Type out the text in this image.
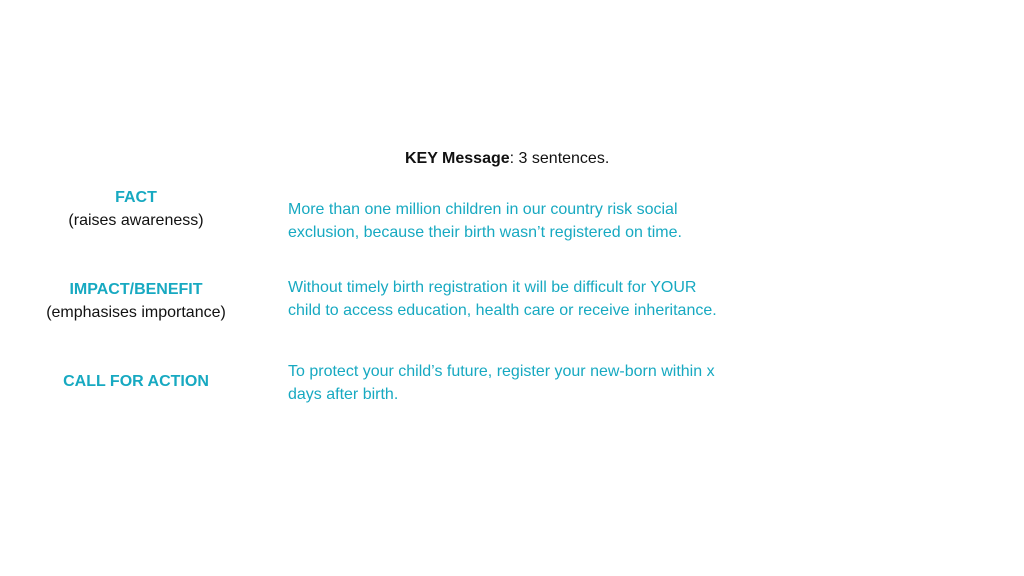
KEY Message: 3 sentences.
FACT
(raises awareness)
More than one million children in our country risk social
exclusion, because their birth wasn’t registered on time.
IMPACT/BENEFIT
(emphasises importance)
Without timely birth registration it will be difficult for YOUR
child to access education, health care or receive inheritance.
CALL FOR ACTION
To protect your child’s future, register your new-born within x
days after birth.
